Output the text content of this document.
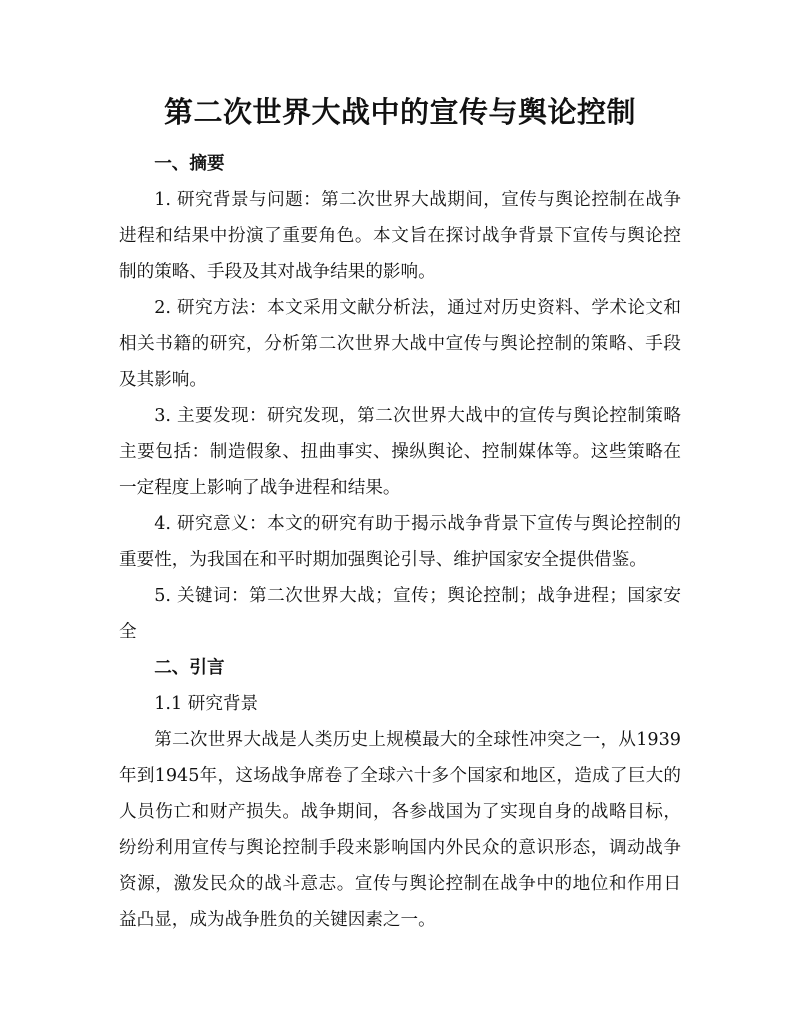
第二次世界大战中的宣传与舆论控制

一、摘要

1. 研究背景与问题：第二次世界大战期间，宣传与舆论控制在战争进程和结果中扮演了重要角色。本文旨在探讨战争背景下宣传与舆论控制的策略、手段及其对战争结果的影响。

2. 研究方法：本文采用文献分析法，通过对历史资料、学术论文和相关书籍的研究，分析第二次世界大战中宣传与舆论控制的策略、手段及其影响。

3. 主要发现：研究发现，第二次世界大战中的宣传与舆论控制策略主要包括：制造假象、扭曲事实、操纵舆论、控制媒体等。这些策略在一定程度上影响了战争进程和结果。

4. 研究意义：本文的研究有助于揭示战争背景下宣传与舆论控制的重要性，为我国在和平时期加强舆论引导、维护国家安全提供借鉴。

5. 关键词：第二次世界大战；宣传；舆论控制；战争进程；国家安全

二、引言

1.1 研究背景

第二次世界大战是人类历史上规模最大的全球性冲突之一，从1939年到1945年，这场战争席卷了全球六十多个国家和地区，造成了巨大的人员伤亡和财产损失。战争期间，各参战国为了实现自身的战略目标，纷纷利用宣传与舆论控制手段来影响国内外民众的意识形态，调动战争资源，激发民众的战斗意志。宣传与舆论控制在战争中的地位和作用日益凸显，成为战争胜负的关键因素之一。
